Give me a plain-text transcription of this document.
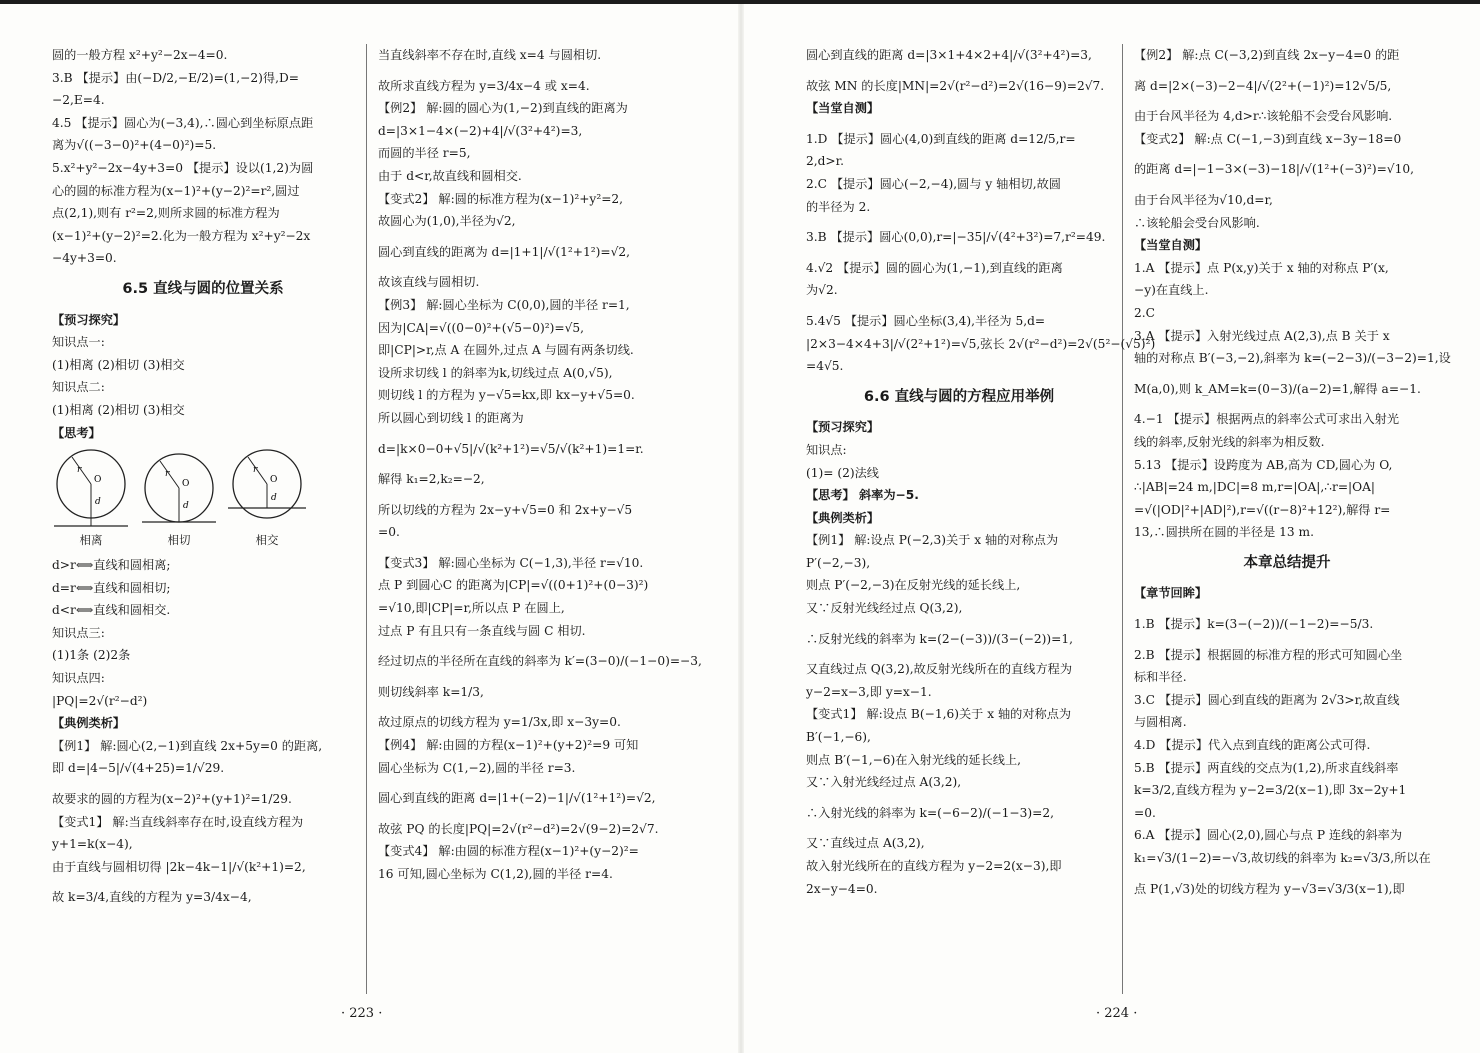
圆的一般方程 x²+y²−2x−4=0.

3.B 【提示】由(−D/2,−E/2)=(1,−2)得,D=

−2,E=4.

4.5 【提示】圆心为(−3,4),∴圆心到坐标原点距

离为√((−3−0)²+(4−0)²)=5.

5.x²+y²−2x−4y+3=0 【提示】设以(1,2)为圆

心的圆的标准方程为(x−1)²+(y−2)²=r²,圆过

点(2,1),则有 r²=2,则所求圆的标准方程为

(x−1)²+(y−2)²=2.化为一般方程为 x²+y²−2x

−4y+3=0.

6.5 直线与圆的位置关系

【预习探究】

知识点一:

(1)相离 (2)相切 (3)相交

知识点二:

(1)相离 (2)相切 (3)相交

【思考】

r
O
d
相离
r
O
d
相切
r
O
d
相交

d>r⟺直线和圆相离;

d=r⟺直线和圆相切;

d<r⟺直线和圆相交.

知识点三:

(1)1条 (2)2条

知识点四:

|PQ|=2√(r²−d²)

【典例类析】

【例1】 解:圆心(2,−1)到直线 2x+5y=0 的距离,

即 d=|4−5|/√(4+25)=1/√29.

故要求的圆的方程为(x−2)²+(y+1)²=1/29.

【变式1】 解:当直线斜率存在时,设直线方程为

y+1=k(x−4),

由于直线与圆相切得 |2k−4k−1|/√(k²+1)=2,

故 k=3/4,直线的方程为 y=3/4x−4,

当直线斜率不存在时,直线 x=4 与圆相切.

故所求直线方程为 y=3/4x−4 或 x=4.

【例2】 解:圆的圆心为(1,−2)到直线的距离为

d=|3×1−4×(−2)+4|/√(3²+4²)=3,

而圆的半径 r=5,

由于 d<r,故直线和圆相交.

【变式2】 解:圆的标准方程为(x−1)²+y²=2,

故圆心为(1,0),半径为√2,

圆心到直线的距离为 d=|1+1|/√(1²+1²)=√2,

故该直线与圆相切.

【例3】 解:圆心坐标为 C(0,0),圆的半径 r=1,

因为|CA|=√((0−0)²+(√5−0)²)=√5,

即|CP|>r,点 A 在圆外,过点 A 与圆有两条切线.

设所求切线 l 的斜率为k,切线过点 A(0,√5),

则切线 l 的方程为 y−√5=kx,即 kx−y+√5=0.

所以圆心到切线 l 的距离为

d=|k×0−0+√5|/√(k²+1²)=√5/√(k²+1)=1=r.

解得 k₁=2,k₂=−2,

所以切线的方程为 2x−y+√5=0 和 2x+y−√5

=0.

【变式3】 解:圆心坐标为 C(−1,3),半径 r=√10.

点 P 到圆心C 的距离为|CP|=√((0+1)²+(0−3)²)

=√10,即|CP|=r,所以点 P 在圆上,

过点 P 有且只有一条直线与圆 C 相切.

经过切点的半径所在直线的斜率为 k′=(3−0)/(−1−0)=−3,

则切线斜率 k=1/3,

故过原点的切线方程为 y=1/3x,即 x−3y=0.

【例4】 解:由圆的方程(x−1)²+(y+2)²=9 可知

圆心坐标为 C(1,−2),圆的半径 r=3.

圆心到直线的距离 d=|1+(−2)−1|/√(1²+1²)=√2,

故弦 PQ 的长度|PQ|=2√(r²−d²)=2√(9−2)=2√7.

【变式4】 解:由圆的标准方程(x−1)²+(y−2)²=

16 可知,圆心坐标为 C(1,2),圆的半径 r=4.

圆心到直线的距离 d=|3×1+4×2+4|/√(3²+4²)=3,

故弦 MN 的长度|MN|=2√(r²−d²)=2√(16−9)=2√7.

【当堂自测】

1.D 【提示】圆心(4,0)到直线的距离 d=12/5,r=

2,d>r.

2.C 【提示】圆心(−2,−4),圆与 y 轴相切,故圆

的半径为 2.

3.B 【提示】圆心(0,0),r=|−35|/√(4²+3²)=7,r²=49.

4.√2 【提示】圆的圆心为(1,−1),到直线的距离

为√2.

5.4√5 【提示】圆心坐标(3,4),半径为 5,d=

|2×3−4×4+3|/√(2²+1²)=√5,弦长 2√(r²−d²)=2√(5²−(√5)²)

=4√5.

6.6 直线与圆的方程应用举例

【预习探究】

知识点:

(1)= (2)法线

【思考】 斜率为−5.

【典例类析】

【例1】 解:设点 P(−2,3)关于 x 轴的对称点为

P′(−2,−3),

则点 P′(−2,−3)在反射光线的延长线上,

又∵反射光线经过点 Q(3,2),

∴反射光线的斜率为 k=(2−(−3))/(3−(−2))=1,

又直线过点 Q(3,2),故反射光线所在的直线方程为

y−2=x−3,即 y=x−1.

【变式1】 解:设点 B(−1,6)关于 x 轴的对称点为

B′(−1,−6),

则点 B′(−1,−6)在入射光线的延长线上,

又∵入射光线经过点 A(3,2),

∴入射光线的斜率为 k=(−6−2)/(−1−3)=2,

又∵直线过点 A(3,2),

故入射光线所在的直线方程为 y−2=2(x−3),即

2x−y−4=0.

【例2】 解:点 C(−3,2)到直线 2x−y−4=0 的距

离 d=|2×(−3)−2−4|/√(2²+(−1)²)=12√5/5,

由于台风半径为 4,d>r∴该轮船不会受台风影响.

【变式2】 解:点 C(−1,−3)到直线 x−3y−18=0

的距离 d=|−1−3×(−3)−18|/√(1²+(−3)²)=√10,

由于台风半径为√10,d=r,

∴该轮船会受台风影响.

【当堂自测】

1.A 【提示】点 P(x,y)关于 x 轴的对称点 P′(x,

−y)在直线上.

2.C

3.A 【提示】入射光线过点 A(2,3),点 B 关于 x

轴的对称点 B′(−3,−2),斜率为 k=(−2−3)/(−3−2)=1,设

M(a,0),则 k_AM=k=(0−3)/(a−2)=1,解得 a=−1.

4.−1 【提示】根据两点的斜率公式可求出入射光

线的斜率,反射光线的斜率为相反数.

5.13 【提示】设跨度为 AB,高为 CD,圆心为 O,

∴|AB|=24 m,|DC|=8 m,r=|OA|,∴r=|OA|

=√(|OD|²+|AD|²),r=√((r−8)²+12²),解得 r=

13,∴圆拱所在圆的半径是 13 m.

本章总结提升

【章节回眸】

1.B 【提示】k=(3−(−2))/(−1−2)=−5/3.

2.B 【提示】根据圆的标准方程的形式可知圆心坐

标和半径.

3.C 【提示】圆心到直线的距离为 2√3>r,故直线

与圆相离.

4.D 【提示】代入点到直线的距离公式可得.

5.B 【提示】两直线的交点为(1,2),所求直线斜率

k=3/2,直线方程为 y−2=3/2(x−1),即 3x−2y+1

=0.

6.A 【提示】圆心(2,0),圆心与点 P 连线的斜率为

k₁=√3/(1−2)=−√3,故切线的斜率为 k₂=√3/3,所以在

点 P(1,√3)处的切线方程为 y−√3=√3/3(x−1),即

· 223 ·	· 224 ·
